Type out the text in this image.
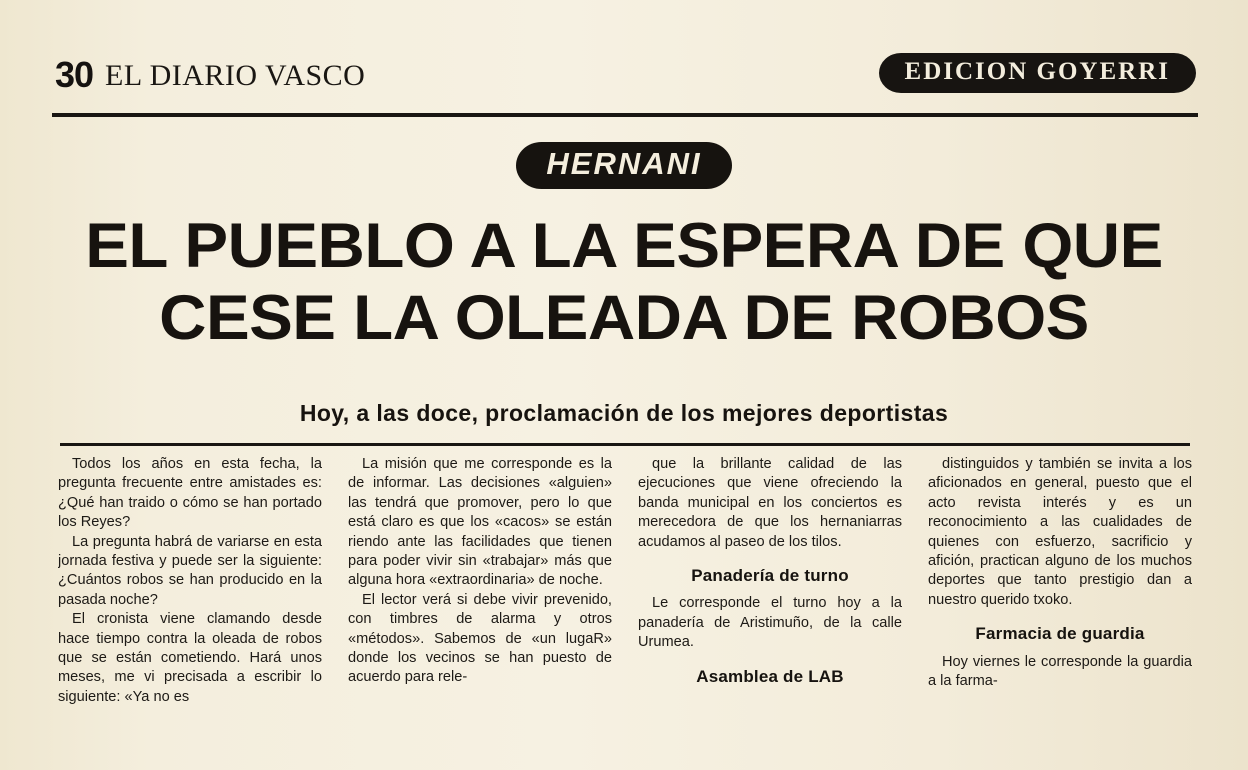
30 EL DIARIO VASCO	EDICION GOYERRI
HERNANI
EL PUEBLO A LA ESPERA DE QUE
CESE LA OLEADA DE ROBOS
Hoy, a las doce, proclamación de los mejores deportistas

Todos los años en esta fecha, la pregunta frecuente entre amistades es: ¿Qué han traido o cómo se han portado los Reyes?

La pregunta habrá de variarse en esta jornada festiva y puede ser la siguiente: ¿Cuántos robos se han producido en la pasada noche?

El cronista viene clamando desde hace tiempo contra la oleada de robos que se están cometiendo. Hará unos meses, me vi precisada a escribir lo siguiente: «Ya no es

La misión que me corresponde es la de informar. Las decisiones «alguien» las tendrá que promover, pero lo que está claro es que los «cacos» se están riendo ante las facilidades que tienen para poder vivir sin «trabajar» más que alguna hora «extraordinaria» de noche.

El lector verá si debe vivir prevenido, con timbres de alarma y otros «métodos». Sabemos de «un lugaR» donde los vecinos se han puesto de acuerdo para rele-

que la brillante calidad de las ejecuciones que viene ofreciendo la banda municipal en los conciertos es merecedora de que los hernaniarras acudamos al paseo de los tilos.

Panadería de turno

Le corresponde el turno hoy a la panadería de Aristimuño, de la calle Urumea.

Asamblea de LAB

distinguidos y también se invita a los aficionados en general, puesto que el acto revista interés y es un reconocimiento a las cualidades de quienes con esfuerzo, sacrificio y afición, practican alguno de los muchos deportes que tanto prestigio dan a nuestro querido txoko.

Farmacia de guardia

Hoy viernes le corresponde la guardia a la farma-
